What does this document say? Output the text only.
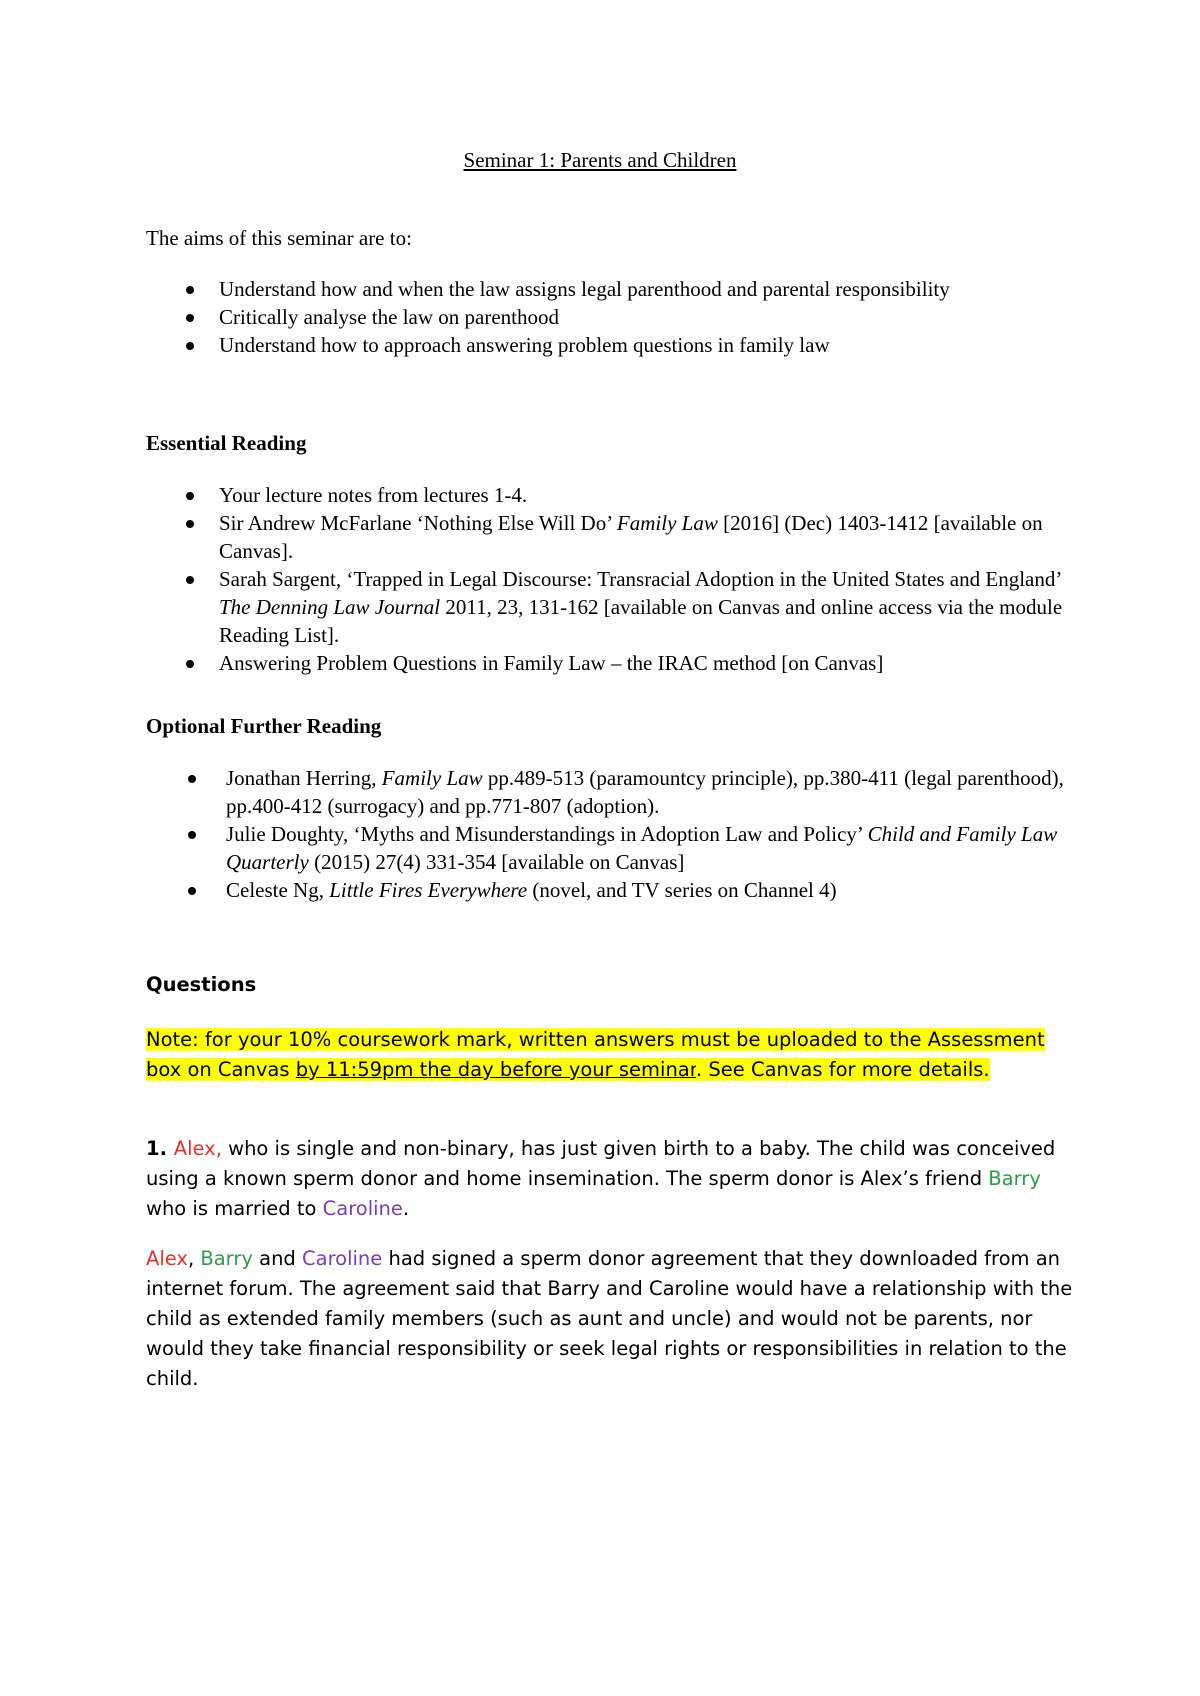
Seminar 1: Parents and Children
The aims of this seminar are to:
Understand how and when the law assigns legal parenthood and parental responsibility
Critically analyse the law on parenthood
Understand how to approach answering problem questions in family law
Essential Reading
Your lecture notes from lectures 1-4.
Sir Andrew McFarlane ‘Nothing Else Will Do’ Family Law [2016] (Dec) 1403-1412 [available on Canvas].
Sarah Sargent, ‘Trapped in Legal Discourse: Transracial Adoption in the United States and England’ The Denning Law Journal 2011, 23, 131-162 [available on Canvas and online access via the module Reading List].
Answering Problem Questions in Family Law – the IRAC method [on Canvas]
Optional Further Reading
Jonathan Herring, Family Law pp.489-513 (paramountcy principle), pp.380-411 (legal parenthood), pp.400-412 (surrogacy) and pp.771-807 (adoption).
Julie Doughty, ‘Myths and Misunderstandings in Adoption Law and Policy’ Child and Family Law Quarterly (2015) 27(4) 331-354 [available on Canvas]
Celeste Ng, Little Fires Everywhere (novel, and TV series on Channel 4)
Questions
Note: for your 10% coursework mark, written answers must be uploaded to the Assessment box on Canvas by 11:59pm the day before your seminar. See Canvas for more details.
1. Alex, who is single and non-binary, has just given birth to a baby. The child was conceived using a known sperm donor and home insemination. The sperm donor is Alex’s friend Barry who is married to Caroline.
Alex, Barry and Caroline had signed a sperm donor agreement that they downloaded from an internet forum. The agreement said that Barry and Caroline would have a relationship with the child as extended family members (such as aunt and uncle) and would not be parents, nor would they take financial responsibility or seek legal rights or responsibilities in relation to the child.
